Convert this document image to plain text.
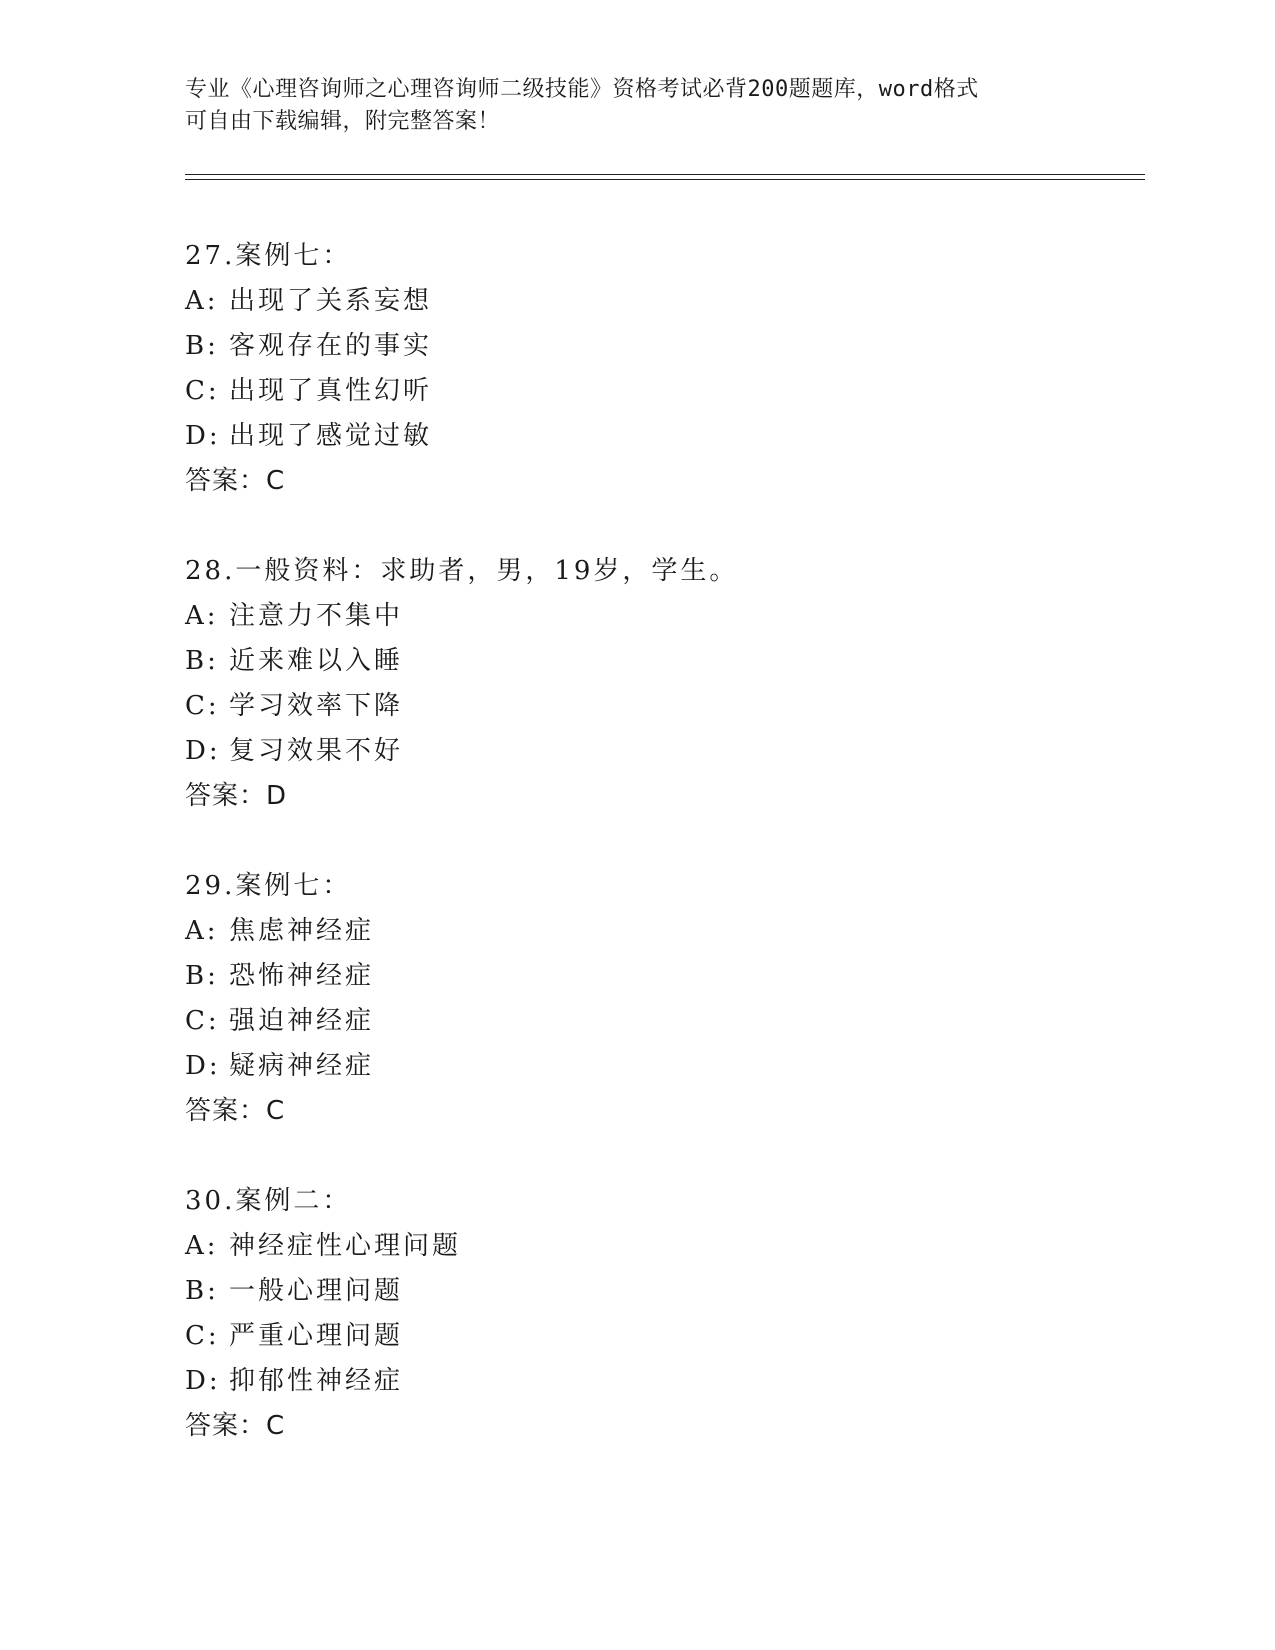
专业《心理咨询师之心理咨询师二级技能》资格考试必背200题题库，word格式
可自由下载编辑，附完整答案！
27.案例七：
A: 出现了关系妄想
B: 客观存在的事实
C: 出现了真性幻听
D: 出现了感觉过敏
答案：C
28.一般资料：求助者，男，19岁，学生。
A: 注意力不集中
B: 近来难以入睡
C: 学习效率下降
D: 复习效果不好
答案：D
29.案例七：
A: 焦虑神经症
B: 恐怖神经症
C: 强迫神经症
D: 疑病神经症
答案：C
30.案例二：
A: 神经症性心理问题
B: 一般心理问题
C: 严重心理问题
D: 抑郁性神经症
答案：C
